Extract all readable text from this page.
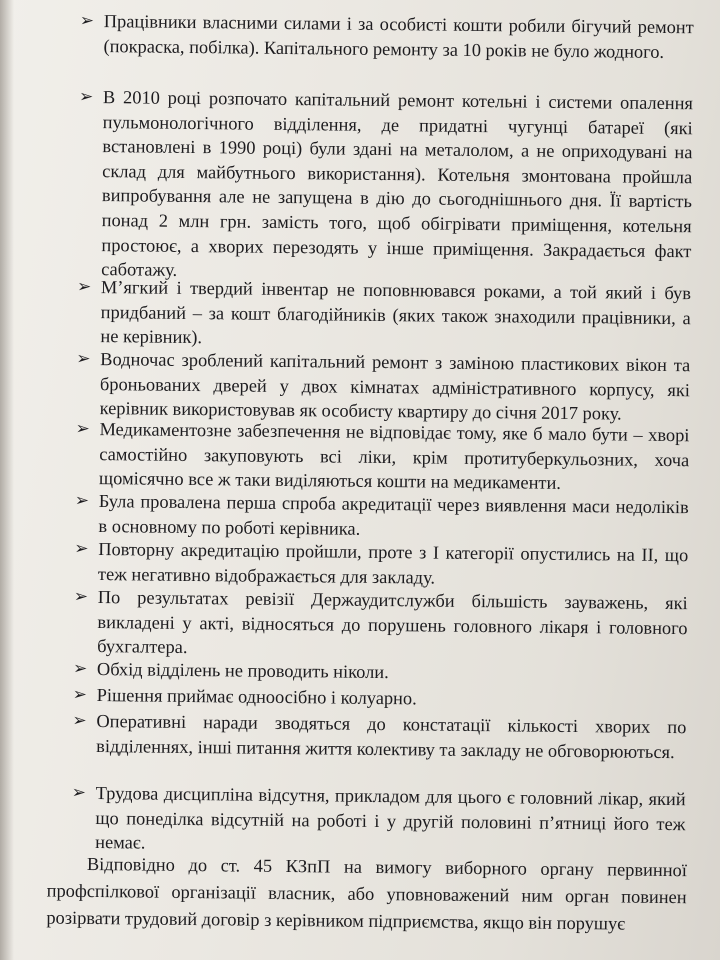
➢ Працівники власними силами і за особисті кошти робили бігучий ремонт (покраска, побілка). Капітального ремонту за 10 років не було жодного.
➢ В 2010 році розпочато капітальний ремонт котельні і системи опалення пульмонологічного відділення, де придатні чугунці батареї (які встановлені в 1990 році) були здані на металолом, а не оприходувані на склад для майбутнього використання). Котельня змонтована пройшла випробування але не запущена в дію до сьогоднішнього дня. Її вартість понад 2 млн грн. замість того, щоб обігрівати приміщення, котельня простоює, а хворих перезодять у інше приміщення. Закрадається факт саботажу.
➢ М’ягкий і твердий інвентар не поповнювався роками, а той який і був придбаний – за кошт благодійників (яких також знаходили працівники, а не керівник).
➢ Водночас зроблений капітальний ремонт з заміною пластикових вікон та броньованих дверей у двох кімнатах адміністративного корпусу, які керівник використовував як особисту квартиру до січня 2017 року.
➢ Медикаментозне забезпечення не відповідає тому, яке б мало бути – хворі самостійно закуповують всі ліки, крім протитуберкульозних, хоча щомісячно все ж таки виділяються кошти на медикаменти.
➢ Була провалена перша спроба акредитації через виявлення маси недоліків в основному по роботі керівника.
➢ Повторну акредитацію пройшли, проте з І категорії опустились на ІІ, що теж негативно відображається для закладу.
➢ По результатах ревізії Держаудитслужби більшість зауважень, які викладені у акті, відносяться до порушень головного лікаря і головного бухгалтера.
➢ Обхід відділень не проводить ніколи.
➢ Рішення приймає одноосібно і колуарно.
➢ Оперативні наради зводяться до констатації кількості хворих по відділеннях, інші питання життя колективу та закладу не обговорюються.
➢ Трудова дисципліна відсутня, прикладом для цього є головний лікар, який що понеділка відсутній на роботі і у другій половині п’ятниці його теж немає.
Відповідно до ст. 45 КЗпП на вимогу виборного органу первинної профспілкової організації власник, або уповноважений ним орган повинен розірвати трудовий договір з керівником підприємства, якщо він порушує
